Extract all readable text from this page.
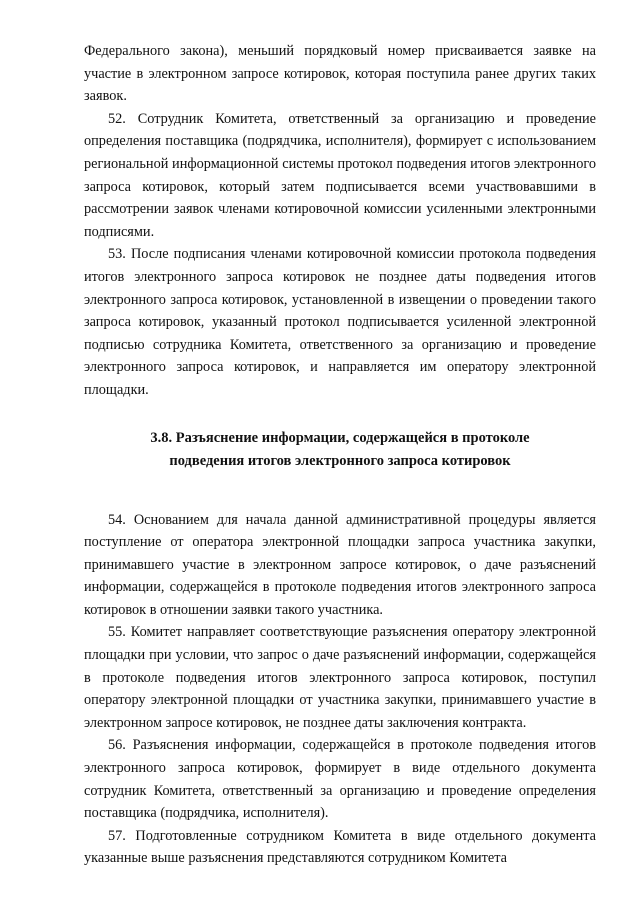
Федерального закона), меньший порядковый номер присваивается заявке на участие в электронном запросе котировок, которая поступила ранее других таких заявок.

52. Сотрудник Комитета, ответственный за организацию и проведение определения поставщика (подрядчика, исполнителя), формирует с использованием региональной информационной системы протокол подведения итогов электронного запроса котировок, который затем подписывается всеми участвовавшими в рассмотрении заявок членами котировочной комиссии усиленными электронными подписями.

53. После подписания членами котировочной комиссии протокола подведения итогов электронного запроса котировок не позднее даты подведения итогов электронного запроса котировок, установленной в извещении о проведении такого запроса котировок, указанный протокол подписывается усиленной электронной подписью сотрудника Комитета, ответственного за организацию и проведение электронного запроса котировок, и направляется им оператору электронной площадки.

3.8. Разъяснение информации, содержащейся в протоколе
подведения итогов электронного запроса котировок

54. Основанием для начала данной административной процедуры является поступление от оператора электронной площадки запроса участника закупки, принимавшего участие в электронном запросе котировок, о даче разъяснений информации, содержащейся в протоколе подведения итогов электронного запроса котировок в отношении заявки такого участника.

55. Комитет направляет соответствующие разъяснения оператору электронной площадки при условии, что запрос о даче разъяснений информации, содержащейся в протоколе подведения итогов электронного запроса котировок, поступил оператору электронной площадки от участника закупки, принимавшего участие в электронном запросе котировок, не позднее даты заключения контракта.

56. Разъяснения информации, содержащейся в протоколе подведения итогов электронного запроса котировок, формирует в виде отдельного документа сотрудник Комитета, ответственный за организацию и проведение определения поставщика (подрядчика, исполнителя).

57. Подготовленные сотрудником Комитета в виде отдельного документа указанные выше разъяснения представляются сотрудником Комитета
